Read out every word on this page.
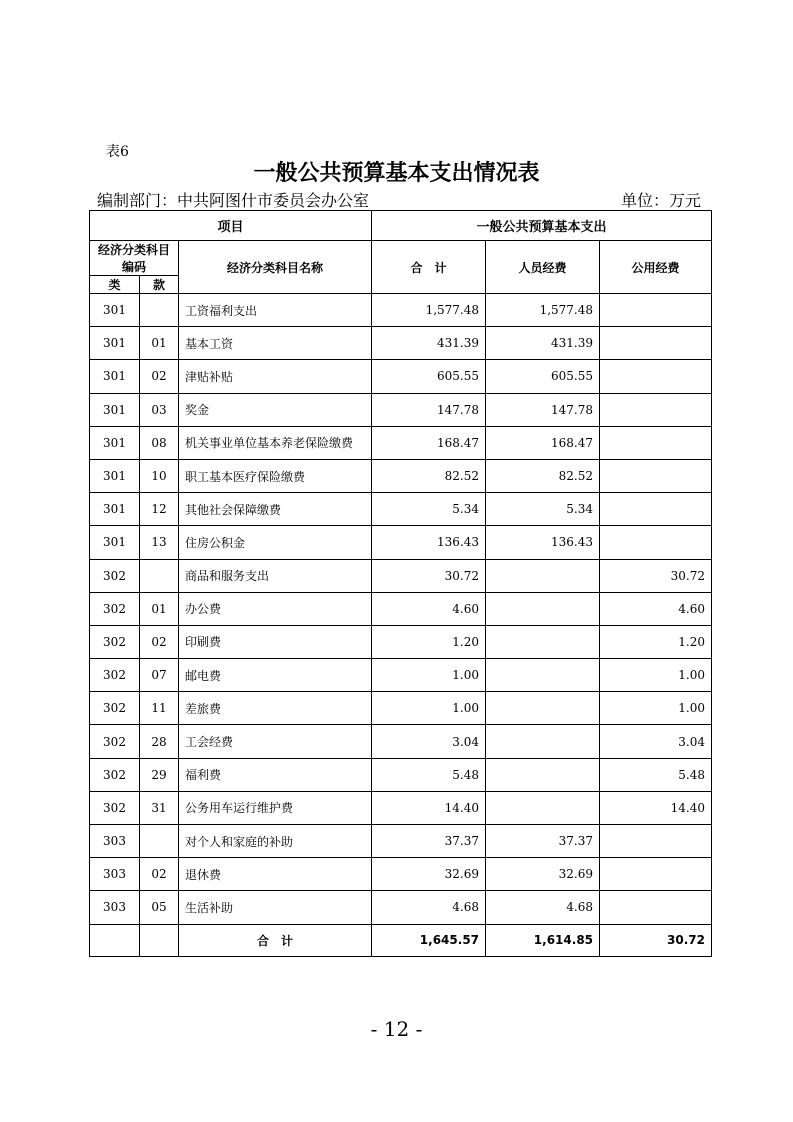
表6
一般公共预算基本支出情况表
编制部门：中共阿图什市委员会办公室	单位：万元
项目			一般公共预算基本支出		
经济分类科目编码		经济分类科目名称	合　计	人员经费	公用经费
类	款				
301		工资福利支出	1,577.48	1,577.48	
301	01	基本工资	431.39	431.39	
301	02	津贴补贴	605.55	605.55	
301	03	奖金	147.78	147.78	
301	08	机关事业单位基本养老保险缴费	168.47	168.47	
301	10	职工基本医疗保险缴费	82.52	82.52	
301	12	其他社会保障缴费	5.34	5.34	
301	13	住房公积金	136.43	136.43	
302		商品和服务支出	30.72		30.72
302	01	办公费	4.60		4.60
302	02	印刷费	1.20		1.20
302	07	邮电费	1.00		1.00
302	11	差旅费	1.00		1.00
302	28	工会经费	3.04		3.04
302	29	福利费	5.48		5.48
302	31	公务用车运行维护费	14.40		14.40
303		对个人和家庭的补助	37.37	37.37	
303	02	退休费	32.69	32.69	
303	05	生活补助	4.68	4.68	
		合　计	1,645.57	1,614.85	30.72
- 12 -
